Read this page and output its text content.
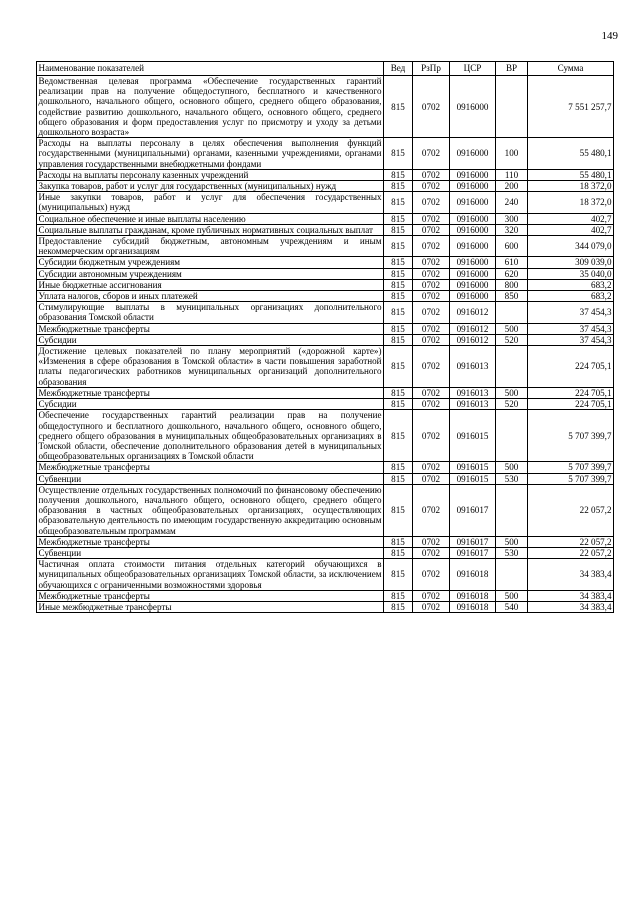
149
Наименование показателей	Вед	РзПр	ЦСР	ВР	Сумма
Ведомственная целевая программа «Обеспечение государственных гарантий реализации прав на получение общедоступного, бесплатного и качественного дошкольного, начального общего, основного общего, среднего общего образования, содействие развитию дошкольного, начального общего, основного общего, среднего общего образования и форм предоставления услуг по присмотру и уходу за детьми дошкольного возраста»	815	0702	0916000		7 551 257,7
Расходы на выплаты персоналу в целях обеспечения выполнения функций государственными (муниципальными) органами, казенными учреждениями, органами управления государственными внебюджетными фондами	815	0702	0916000	100	55 480,1
Расходы на выплаты персоналу казенных учреждений	815	0702	0916000	110	55 480,1
Закупка товаров, работ и услуг для государственных (муниципальных) нужд	815	0702	0916000	200	18 372,0
Иные закупки товаров, работ и услуг для обеспечения государственных (муниципальных) нужд	815	0702	0916000	240	18 372,0
Социальное обеспечение и иные выплаты населению	815	0702	0916000	300	402,7
Социальные выплаты гражданам, кроме публичных нормативных социальных выплат	815	0702	0916000	320	402,7
Предоставление субсидий бюджетным, автономным учреждениям и иным некоммерческим организациям	815	0702	0916000	600	344 079,0
Субсидии бюджетным учреждениям	815	0702	0916000	610	309 039,0
Субсидии автономным учреждениям	815	0702	0916000	620	35 040,0
Иные бюджетные ассигнования	815	0702	0916000	800	683,2
Уплата налогов, сборов и иных платежей	815	0702	0916000	850	683,2
Стимулирующие выплаты в муниципальных организациях дополнительного образования Томской области	815	0702	0916012		37 454,3
Межбюджетные трансферты	815	0702	0916012	500	37 454,3
Субсидии	815	0702	0916012	520	37 454,3
Достижение целевых показателей по плану мероприятий («дорожной карте») «Изменения в сфере образования в Томской области» в части повышения заработной платы педагогических работников муниципальных организаций дополнительного образования	815	0702	0916013		224 705,1
Межбюджетные трансферты	815	0702	0916013	500	224 705,1
Субсидии	815	0702	0916013	520	224 705,1
Обеспечение государственных гарантий реализации прав на получение общедоступного и бесплатного дошкольного, начального общего, основного общего, среднего общего образования в муниципальных общеобразовательных организациях в Томской области, обеспечение дополнительного образования детей в муниципальных общеобразовательных организациях в Томской области	815	0702	0916015		5 707 399,7
Межбюджетные трансферты	815	0702	0916015	500	5 707 399,7
Субвенции	815	0702	0916015	530	5 707 399,7
Осуществление отдельных государственных полномочий по финансовому обеспечению получения дошкольного, начального общего, основного общего, среднего общего образования в частных общеобразовательных организациях, осуществляющих образовательную деятельность по имеющим государственную аккредитацию основным общеобразовательным программам	815	0702	0916017		22 057,2
Межбюджетные трансферты	815	0702	0916017	500	22 057,2
Субвенции	815	0702	0916017	530	22 057,2
Частичная оплата стоимости питания отдельных категорий обучающихся в муниципальных общеобразовательных организациях Томской области, за исключением обучающихся с ограниченными возможностями здоровья	815	0702	0916018		34 383,4
Межбюджетные трансферты	815	0702	0916018	500	34 383,4
Иные межбюджетные трансферты	815	0702	0916018	540	34 383,4
